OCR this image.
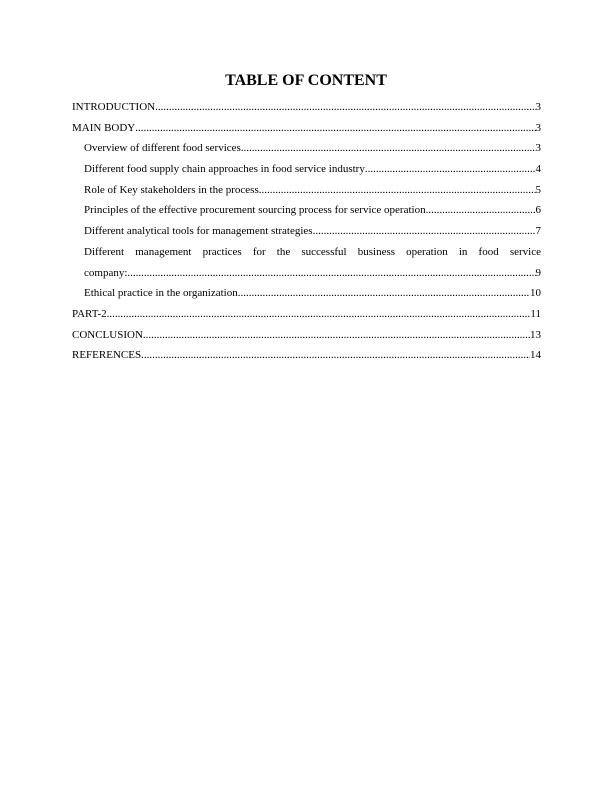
TABLE OF CONTENT
INTRODUCTION .....	3
MAIN BODY .....	3
Overview of different food services .....	3
Different food supply chain approaches in food service industry .....	4
Role of Key stakeholders in the process .....	5
Principles of the effective procurement sourcing process for service operation .....	6
Different analytical tools for management strategies .....	7
Different management practices for the successful business operation in food service
company: .....	9
Ethical practice in the organization .....	10
PART-2 .....	11
CONCLUSION .....	13
REFERENCES .....	14
